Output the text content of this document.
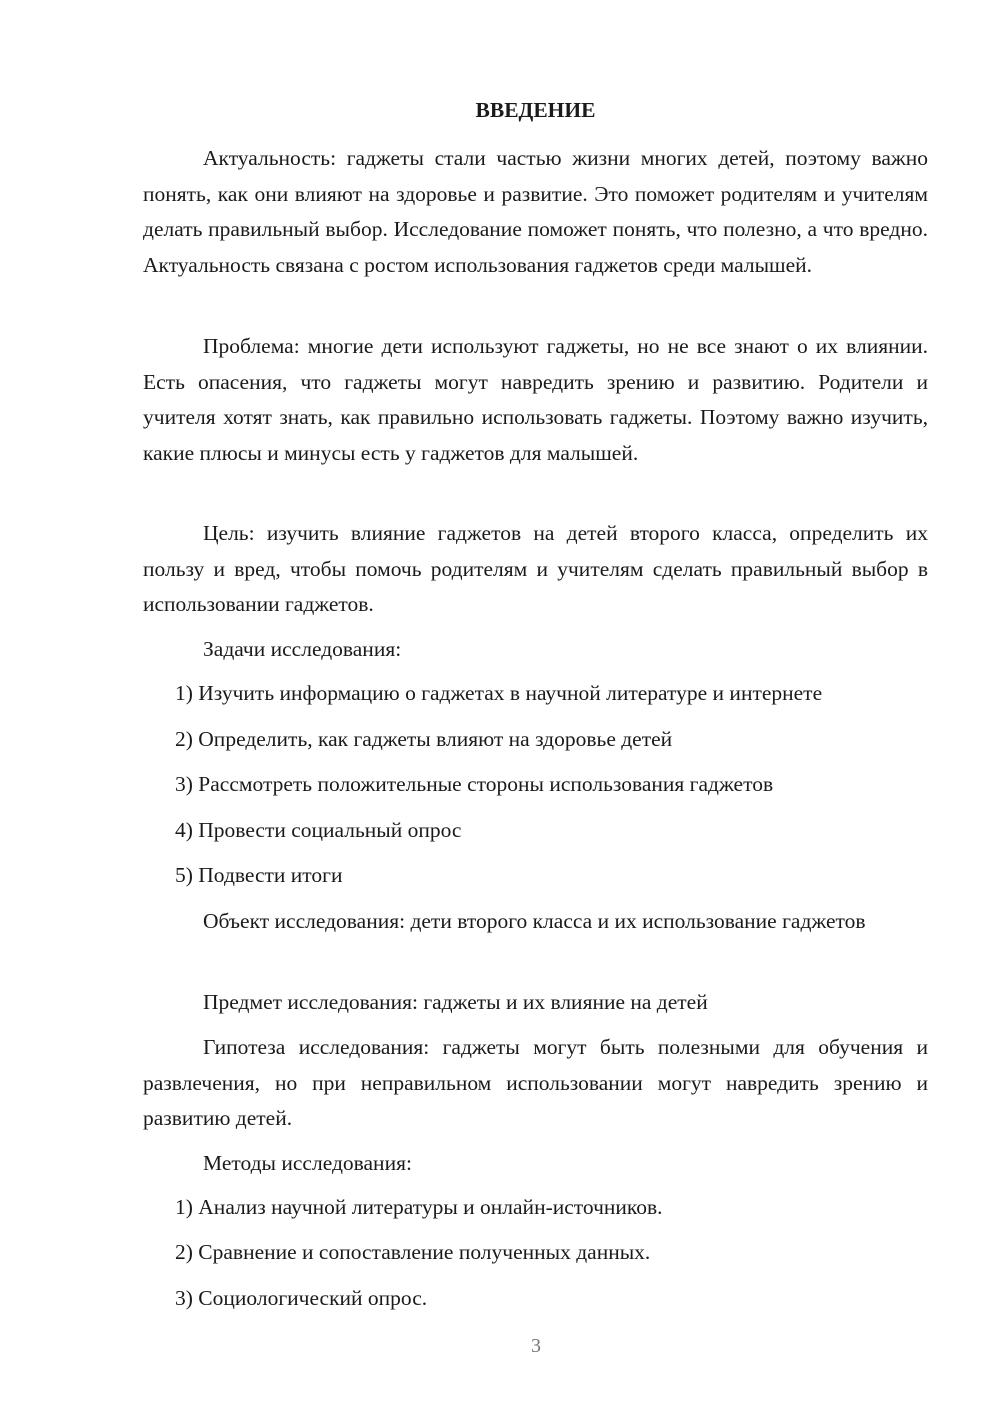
ВВЕДЕНИЕ

Актуальность: гаджеты стали частью жизни многих детей, поэтому важно понять, как они влияют на здоровье и развитие. Это поможет родителям и учителям делать правильный выбор. Исследование поможет понять, что полезно, а что вредно. Актуальность связана с ростом использования гаджетов среди малышей.

Проблема: многие дети используют гаджеты, но не все знают о их влиянии. Есть опасения, что гаджеты могут навредить зрению и развитию. Родители и учителя хотят знать, как правильно использовать гаджеты. Поэтому важно изучить, какие плюсы и минусы есть у гаджетов для малышей.

Цель: изучить влияние гаджетов на детей второго класса, определить их пользу и вред, чтобы помочь родителям и учителям сделать правильный выбор в использовании гаджетов.

Задачи исследования:

1) Изучить информацию о гаджетах в научной литературе и интернете
2) Определить, как гаджеты влияют на здоровье детей
3) Рассмотреть положительные стороны использования гаджетов
4) Провести социальный опрос
5) Подвести итоги

Объект исследования: дети второго класса и их использование гаджетов

Предмет исследования: гаджеты и их влияние на детей

Гипотеза исследования: гаджеты могут быть полезными для обучения и развлечения, но при неправильном использовании могут навредить зрению и развитию детей.

Методы исследования:

1) Анализ научной литературы и онлайн-источников.
2) Сравнение и сопоставление полученных данных.
3) Социологический опрос.
3
